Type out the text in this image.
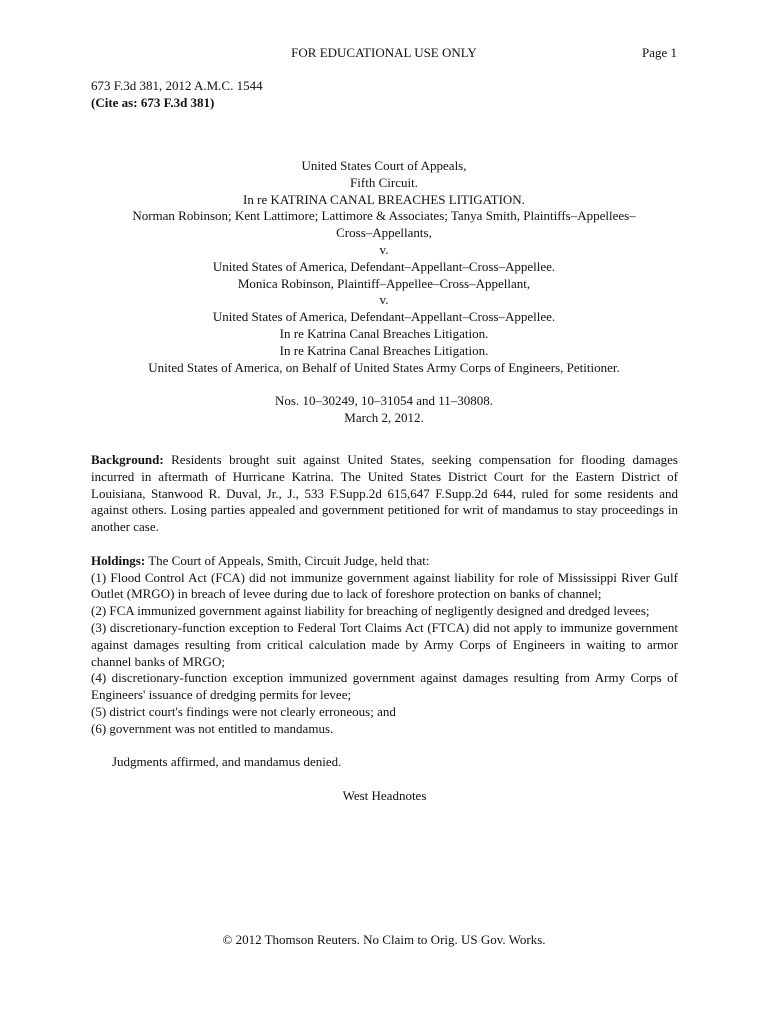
FOR EDUCATIONAL USE ONLY	Page 1
673 F.3d 381, 2012 A.M.C. 1544
(Cite as: 673 F.3d 381)
United States Court of Appeals,
Fifth Circuit.
In re KATRINA CANAL BREACHES LITIGATION.
Norman Robinson; Kent Lattimore; Lattimore & Associates; Tanya Smith, Plaintiffs–Appellees–
Cross–Appellants,
v.
United States of America, Defendant–Appellant–Cross–Appellee.
Monica Robinson, Plaintiff–Appellee–Cross–Appellant,
v.
United States of America, Defendant–Appellant–Cross–Appellee.
In re Katrina Canal Breaches Litigation.
In re Katrina Canal Breaches Litigation.
United States of America, on Behalf of United States Army Corps of Engineers, Petitioner.
Nos. 10–30249, 10–31054 and 11–30808.
March 2, 2012.

Background: Residents brought suit against United States, seeking compensation for flooding damages incurred in aftermath of Hurricane Katrina. The United States District Court for the Eastern District of Louisiana, Stanwood R. Duval, Jr., J., 533 F.Supp.2d 615,647 F.Supp.2d 644, ruled for some residents and against others. Losing parties appealed and government petitioned for writ of mandamus to stay proceedings in another case.

Holdings: The Court of Appeals, Smith, Circuit Judge, held that:
(1) Flood Control Act (FCA) did not immunize government against liability for role of Mississippi River Gulf Outlet (MRGO) in breach of levee during due to lack of foreshore protection on banks of channel;
(2) FCA immunized government against liability for breaching of negligently designed and dredged levees;
(3) discretionary-function exception to Federal Tort Claims Act (FTCA) did not apply to immunize government against damages resulting from critical calculation made by Army Corps of Engineers in waiting to armor channel banks of MRGO;
(4) discretionary-function exception immunized government against damages resulting from Army Corps of Engineers' issuance of dredging permits for levee;
(5) district court's findings were not clearly erroneous; and
(6) government was not entitled to mandamus.

Judgments affirmed, and mandamus denied.

West Headnotes

© 2012 Thomson Reuters. No Claim to Orig. US Gov. Works.
